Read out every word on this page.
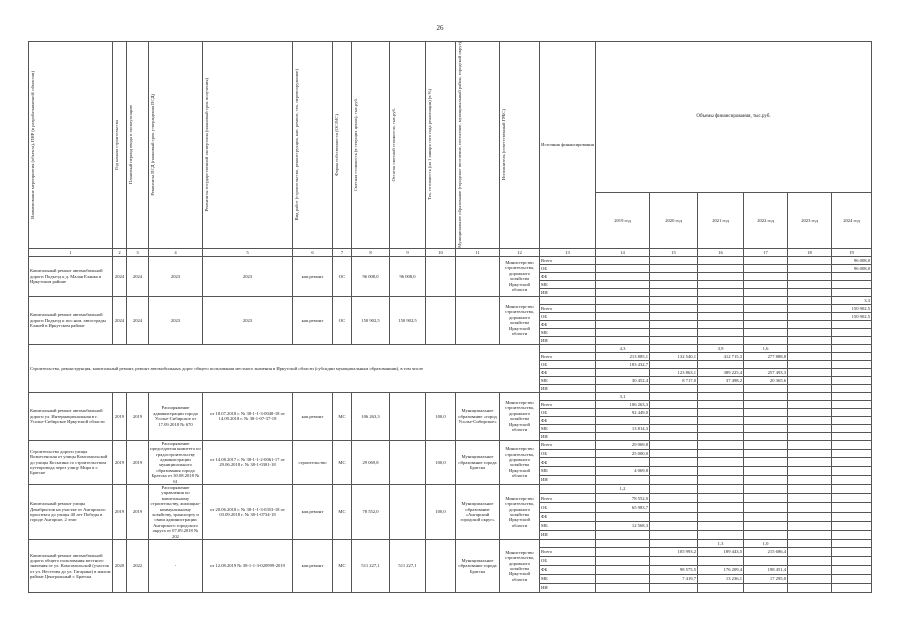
26
Наименование мероприятия (объекта), ПНР (в разрабатываемой/ объектам)	Год начала строительства	Плановый период ввода в эксплуатацию	Реквизиты ПСД (плановый срок утверждения ПСД)	Реквизиты государственной экспертизы (плановый срок получения)	Вид работ (строительство, реконструкция, кап. ремонт, тех. перевооружение)	Форма собственности (ОС/МС)	Сметная стоимость (в текущих ценах), тыс.руб.	Остаток сметной стоимости, тыс.руб.	Тех. готовность (на 1 января того года реализации) (в %)	Муниципальное образование (городское поселение, поселение, муниципальный район, городской округ)	Исполнитель (ответственный ГРБС)	Источник финансирования	Объемы финансирования, тыс.руб.					
													2019 год	2020 год	2021 год	2022 год	2023 год	2024 год
1	2	3	4	5	6	7	8	9	10	11	12	13	14	15	16	17	18	19
Капитальный ремонт автомобильной дороги Подъезд к д. Малая Еланка в Иркутском районе	2024	2024	2023	2023	кап.ремонт	ОС	96 008,0	96 008,0			Министерство строительства, дорожного хозяйства Иркутской области	Всего						96 008,0
												ОБ						96 008,0
												ФБ						
												МБ						
												ИИ						
Капитальный ремонт автомобильной дороги Подъезд к пос.ном. автострады Еланей в Иркутском районе	2024	2024	2023	2023	кап.ремонт	ОС	150 902,5	150 902,5			Министерство строительства, дорожного хозяйства Иркутской области							3,3
												Всего						150 902,5
												ОБ						150 902,5
												ФБ						
												МБ						
												ИИ						
Строительство, реконструкция, капитальный ремонт, ремонт автомобильных дорог общего пользования местного значения в Иркутской области (субсидии муниципальным образованиям), в том числе													4,3		3,9	1,6		
												Всего	213 885,1	132 540,1	412 715,3	277 888,8		
												ОБ	183 432,7					
												ФБ		123 863,1	389 225,4	257 493,3		
												МБ	30 452,4	8 717,0	37 498,2	20 365,6		
												ИИ						
Капитальный ремонт автомобильной дороги ул. Интернациональная в г. Усолье-Сибирское Иркутской области	2019	2019	Распоряжение администрации города Усолье-Сибирское от 17.09.2018 № 670	от 18.07.2018 г. № 38-1-1-3-0048-18 от 14.09.2018 г. № 38-1-07-37-18	кап.ремонт	МС	106 263,3		100,0	Муниципальное образование «город Усолье-Сибирское»	Министерство строительства, дорожного хозяйства Иркутской области		3,1					
												Всего	106 263,3					
												ОБ	92 449,0					
												ФБ						
												МБ	13 814,3					
												ИИ						
Строительство дороги улицы Вознесенская от улицы Комсомольской до улицы Косыгина со строительством путепровода через улицу Мира в г. Братске	2019	2019	Распоряжение председателя комитета по градостроительству администрации муниципального образования города Братска от 30.08.2018 № 61	от 14.08.2017 г. № 38-1-1-2-0061-17 от 29.06.2018 г. № 38-1-0301-18	строительство	МС	29 069,8		100,0	Муниципальное образование города Братска	Министерство строительства, дорожного хозяйства Иркутской области	Всего	29 069,8					
												ОБ	25 000,0					
												ФБ						
												МБ	4 069,8					
												ИИ						
Капитальный ремонт улицы Декабристов на участке от Ангарского проспекта до улицы 40 лет Победы в городе Ангарске, 2 этап	2019	2019	Распоряжение управления по капитальному строительству, жилищно-коммунальному хозяйству, транспорту и связи администрации Ангарского городского округа от 07.09.2018 № 202	от 20.06.2018 г. № 38-1-1-3-0353-18 от 03.09.2018 г. № 38-1-0734-18	кап.ремонт	МС	78 552,0		100,0	Муниципальное образование «Ангарский городской округ»	Министерство строительства, дорожного хозяйства Иркутской области		1,2					
												Всего	78 552,0					
												ОБ	65 983,7					
												ФБ						
												МБ	12 568,3					
												ИИ						
Капитальный ремонт автомобильной дороги общего пользования местного значения от ул. Комсомольской (участок от ул. Нестеова до ул. Гагарина) в жилом районе Центральный г. Братска	2020	2022	-	от 12.08.2019 № 38-1-1-3-020999-2019	кап.ремонт	МС	511 227,1	511 227,1		Муниципальное образование города Братска	Министерство строительства, дорожного хозяйства Иркутской области				1,3	1,0		
												Всего		105 993,2	189 443,5	215 686,4		
												ОБ						
												ФБ		98 575,5	176 209,4	198 451,4		
												МБ		7 419,7	13 236,1	17 295,0		
												ИИ						
